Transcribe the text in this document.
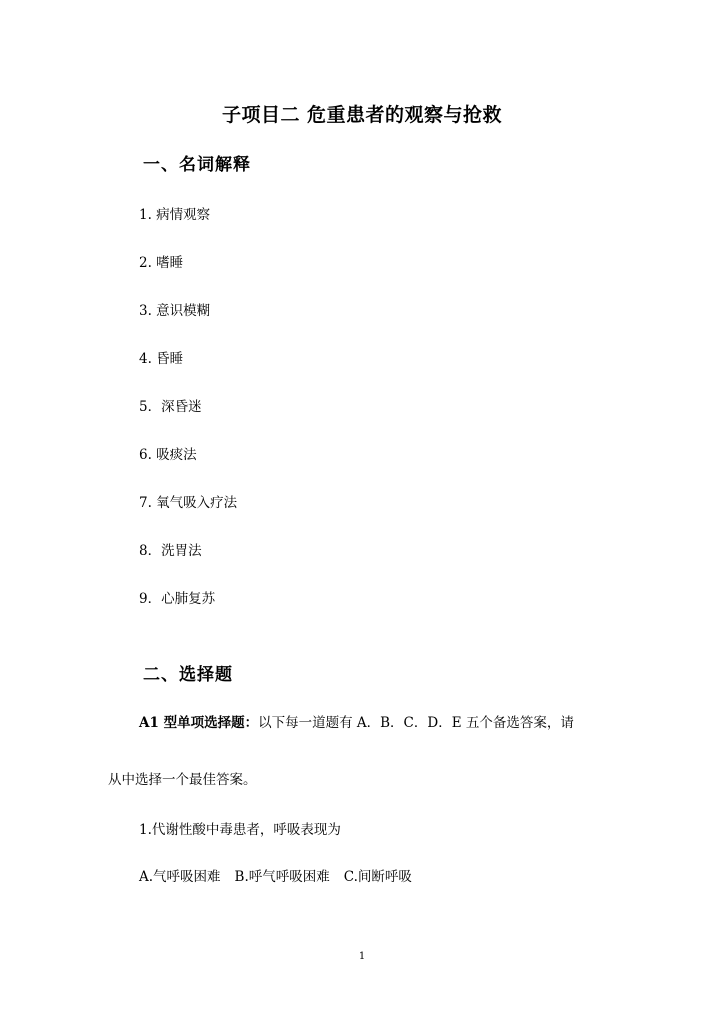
子项目二 危重患者的观察与抢救
一、名词解释
1. 病情观察
2. 嗜睡
3. 意识模糊
4. 昏睡
5．深昏迷
6. 吸痰法
7. 氧气吸入疗法
8．洗胃法
9．心肺复苏
二、选择题
A1 型单项选择题：以下每一道题有 A．B．C．D．E 五个备选答案，请
从中选择一个最佳答案。
1.代谢性酸中毒患者，呼吸表现为
A.气呼吸困难 B.呼气呼吸困难 C.间断呼吸
1
